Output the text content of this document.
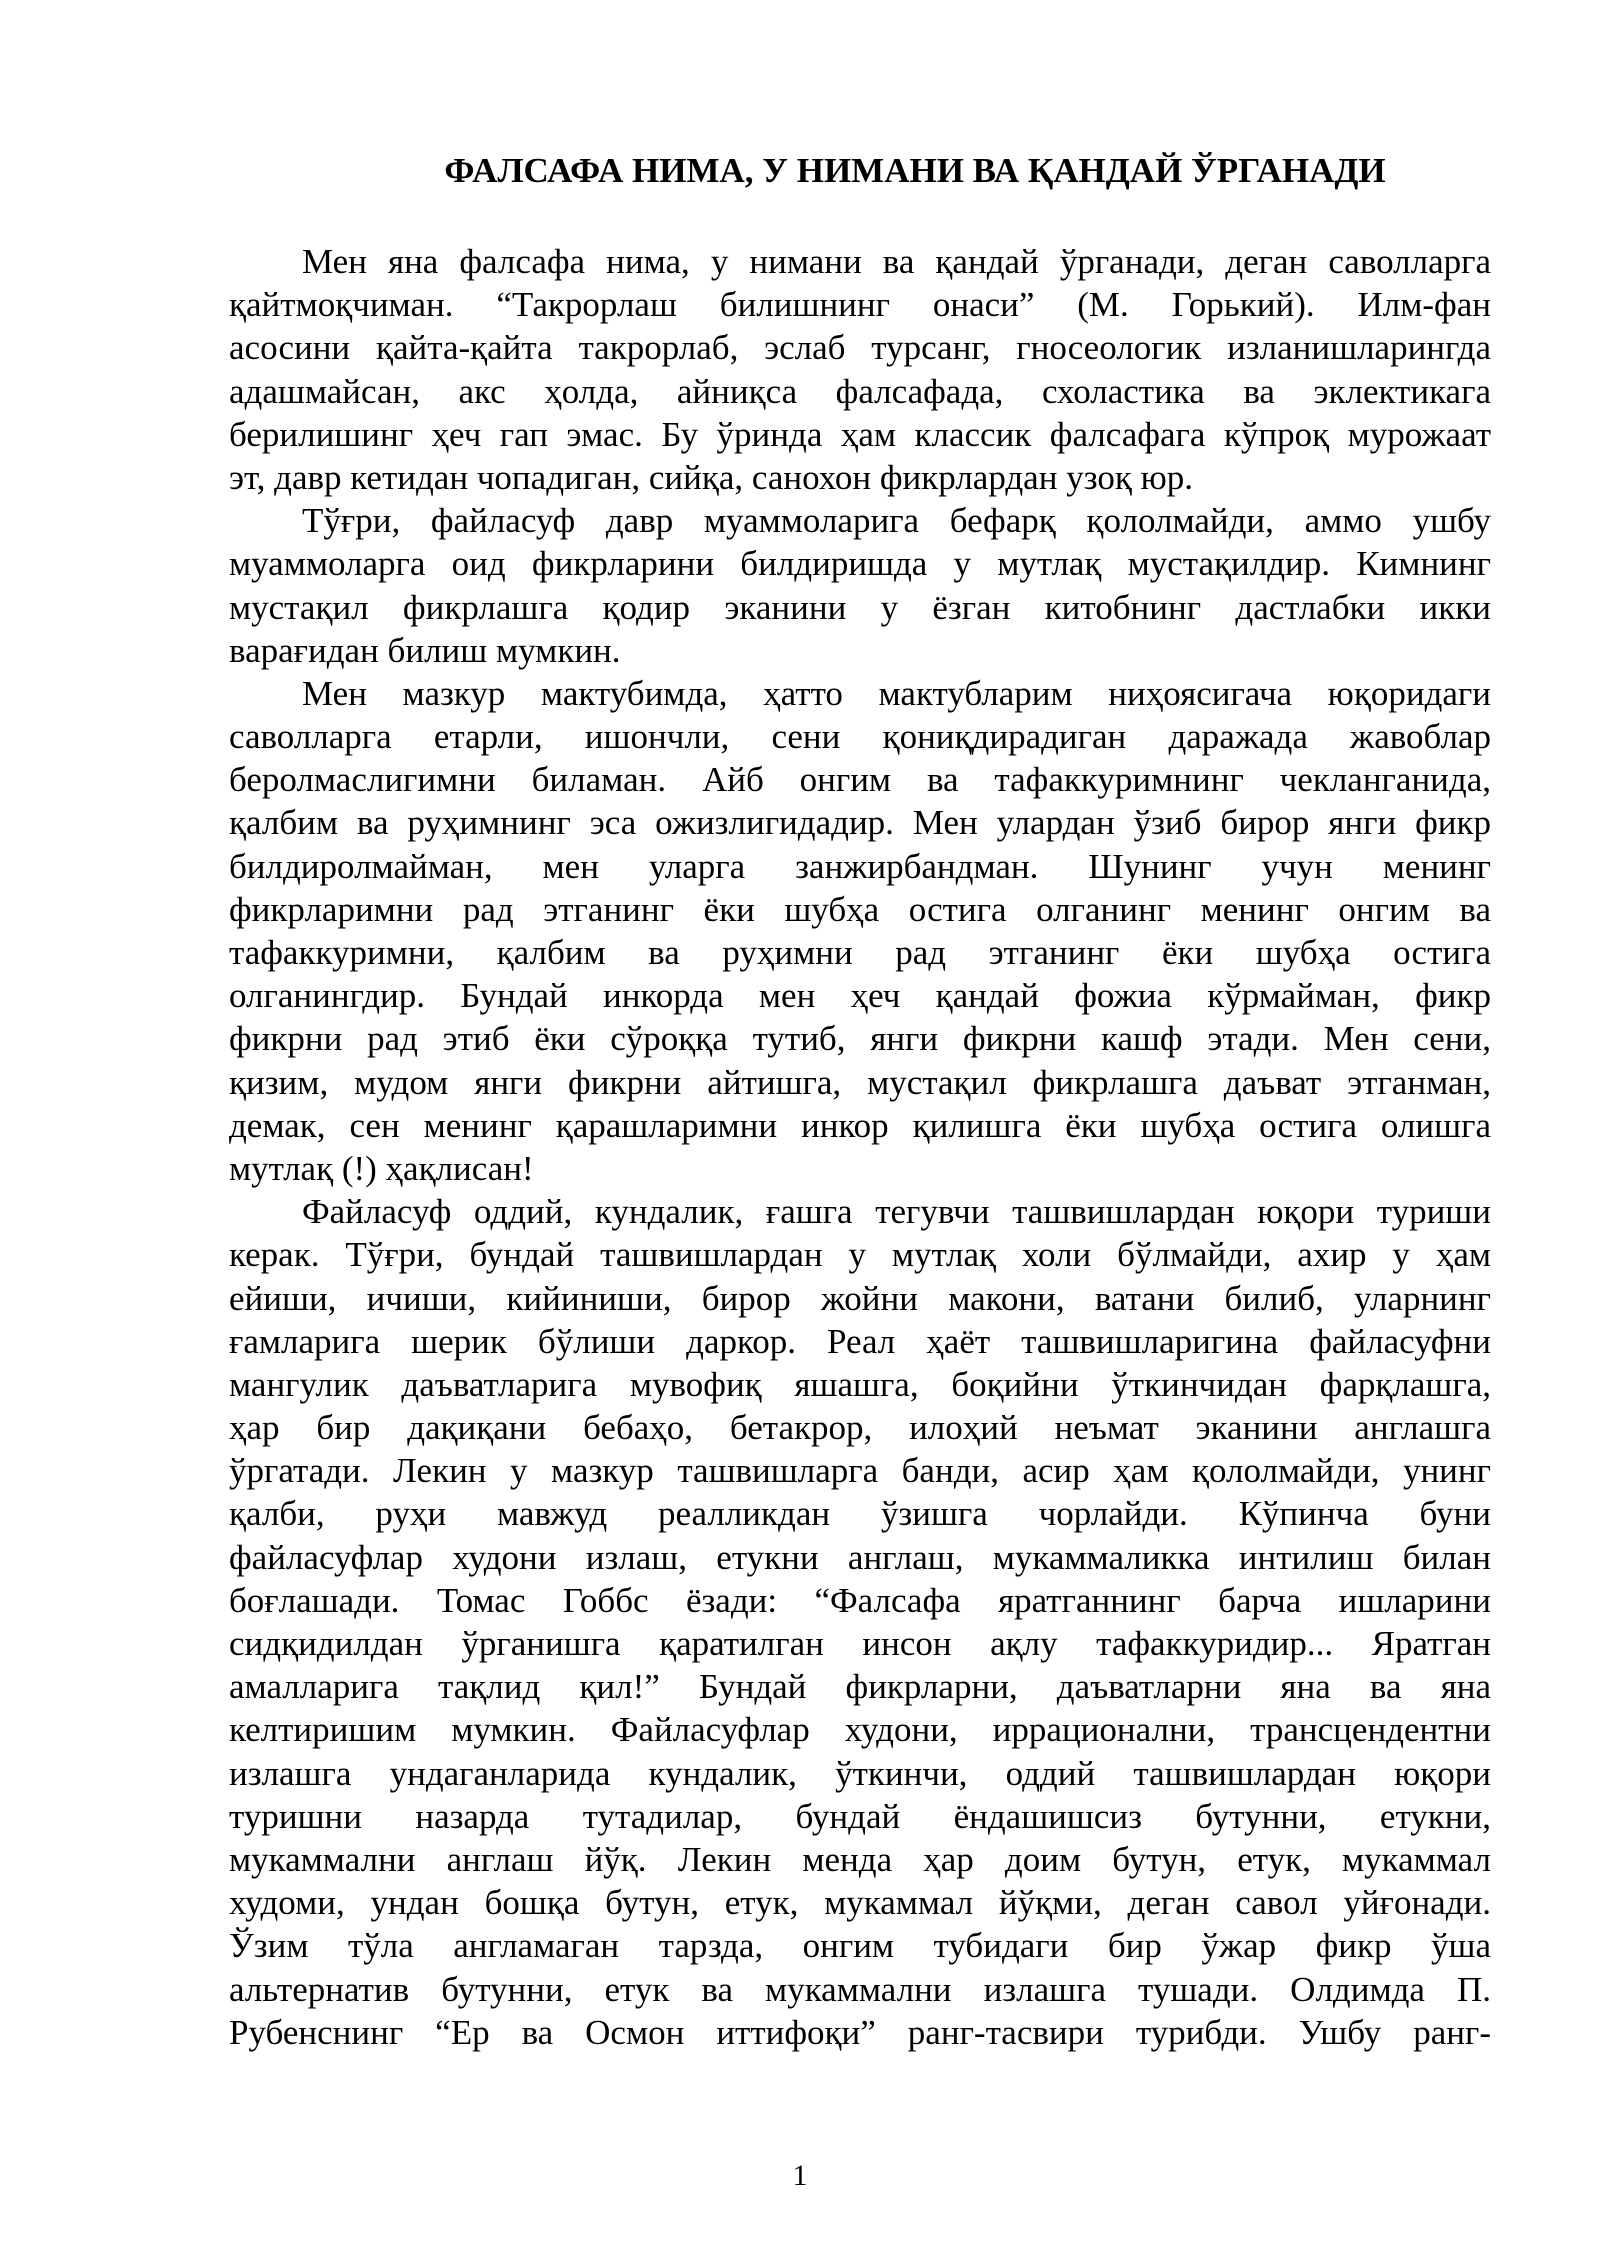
ФАЛСАФА НИМА, У НИМАНИ ВА ҚАНДАЙ ЎРГАНАДИ
Мен яна фалсафа нима, у нимани ва қандай ўрганади, деган саволларга
қайтмоқчиман. “Такрорлаш билишнинг онаси” (М. Горький). Илм-фан
асосини қайта-қайта такрорлаб, эслаб турсанг, гносеологик изланишларингда
адашмайсан, акс ҳолда, айниқса фалсафада, схоластика ва эклектикага
берилишинг ҳеч гап эмас. Бу ўринда ҳам классик фалсафага кўпроқ мурожаат
эт, давр кетидан чопадиган, сийқа, санохон фикрлардан узоқ юр.
Тўғри, файласуф давр муаммоларига бефарқ қололмайди, аммо ушбу
муаммоларга оид фикрларини билдиришда у мутлақ мустақилдир. Кимнинг
мустақил фикрлашга қодир эканини у ёзган китобнинг дастлабки икки
варағидан билиш мумкин.
Мен мазкур мактубимда, ҳатто мактубларим ниҳоясигача юқоридаги
саволларга етарли, ишончли, сени қониқдирадиган даражада жавоблар
беролмаслигимни биламан. Айб онгим ва тафаккуримнинг чекланганида,
қалбим ва руҳимнинг эса ожизлигидадир. Мен улардан ўзиб бирор янги фикр
билдиролмайман, мен уларга занжирбандман. Шунинг учун менинг
фикрларимни рад этганинг ёки шубҳа остига олганинг менинг онгим ва
тафаккуримни, қалбим ва руҳимни рад этганинг ёки шубҳа остига
олганингдир. Бундай инкорда мен ҳеч қандай фожиа кўрмайман, фикр
фикрни рад этиб ёки сўроққа тутиб, янги фикрни кашф этади. Мен сени,
қизим, мудом янги фикрни айтишга, мустақил фикрлашга даъват этганман,
демак, сен менинг қарашларимни инкор қилишга ёки шубҳа остига олишга
мутлақ (!) ҳақлисан!
Файласуф оддий, кундалик, ғашга тегувчи ташвишлардан юқори туриши
керак. Тўғри, бундай ташвишлардан у мутлақ холи бўлмайди, ахир у ҳам
ейиши, ичиши, кийиниши, бирор жойни макони, ватани билиб, уларнинг
ғамларига шерик бўлиши даркор. Реал ҳаёт ташвишларигина файласуфни
мангулик даъватларига мувофиқ яшашга, боқийни ўткинчидан фарқлашга,
ҳар бир дақиқани бебаҳо, бетакрор, илоҳий неъмат эканини англашга
ўргатади. Лекин у мазкур ташвишларга банди, асир ҳам қололмайди, унинг
қалби, руҳи мавжуд реалликдан ўзишга чорлайди. Кўпинча буни
файласуфлар худони излаш, етукни англаш, мукаммаликка интилиш билан
боғлашади. Томас Гоббс ёзади: “Фалсафа яратганнинг барча ишларини
сидқидилдан ўрганишга қаратилган инсон ақлу тафаккуридир... Яратган
амалларига тақлид қил!” Бундай фикрларни, даъватларни яна ва яна
келтиришим мумкин. Файласуфлар худони, иррационални, трансцендентни
излашга ундаганларида кундалик, ўткинчи, оддий ташвишлардан юқори
туришни назарда тутадилар, бундай ёндашишсиз бутунни, етукни,
мукаммални англаш йўқ. Лекин менда ҳар доим бутун, етук, мукаммал
худоми, ундан бошқа бутун, етук, мукаммал йўқми, деган савол уйғонади.
Ўзим тўла англамаган тарзда, онгим тубидаги бир ўжар фикр ўша
альтернатив бутунни, етук ва мукаммални излашга тушади. Олдимда П.
Рубенснинг “Ер ва Осмон иттифоқи” ранг-тасвири турибди. Ушбу ранг-
1
